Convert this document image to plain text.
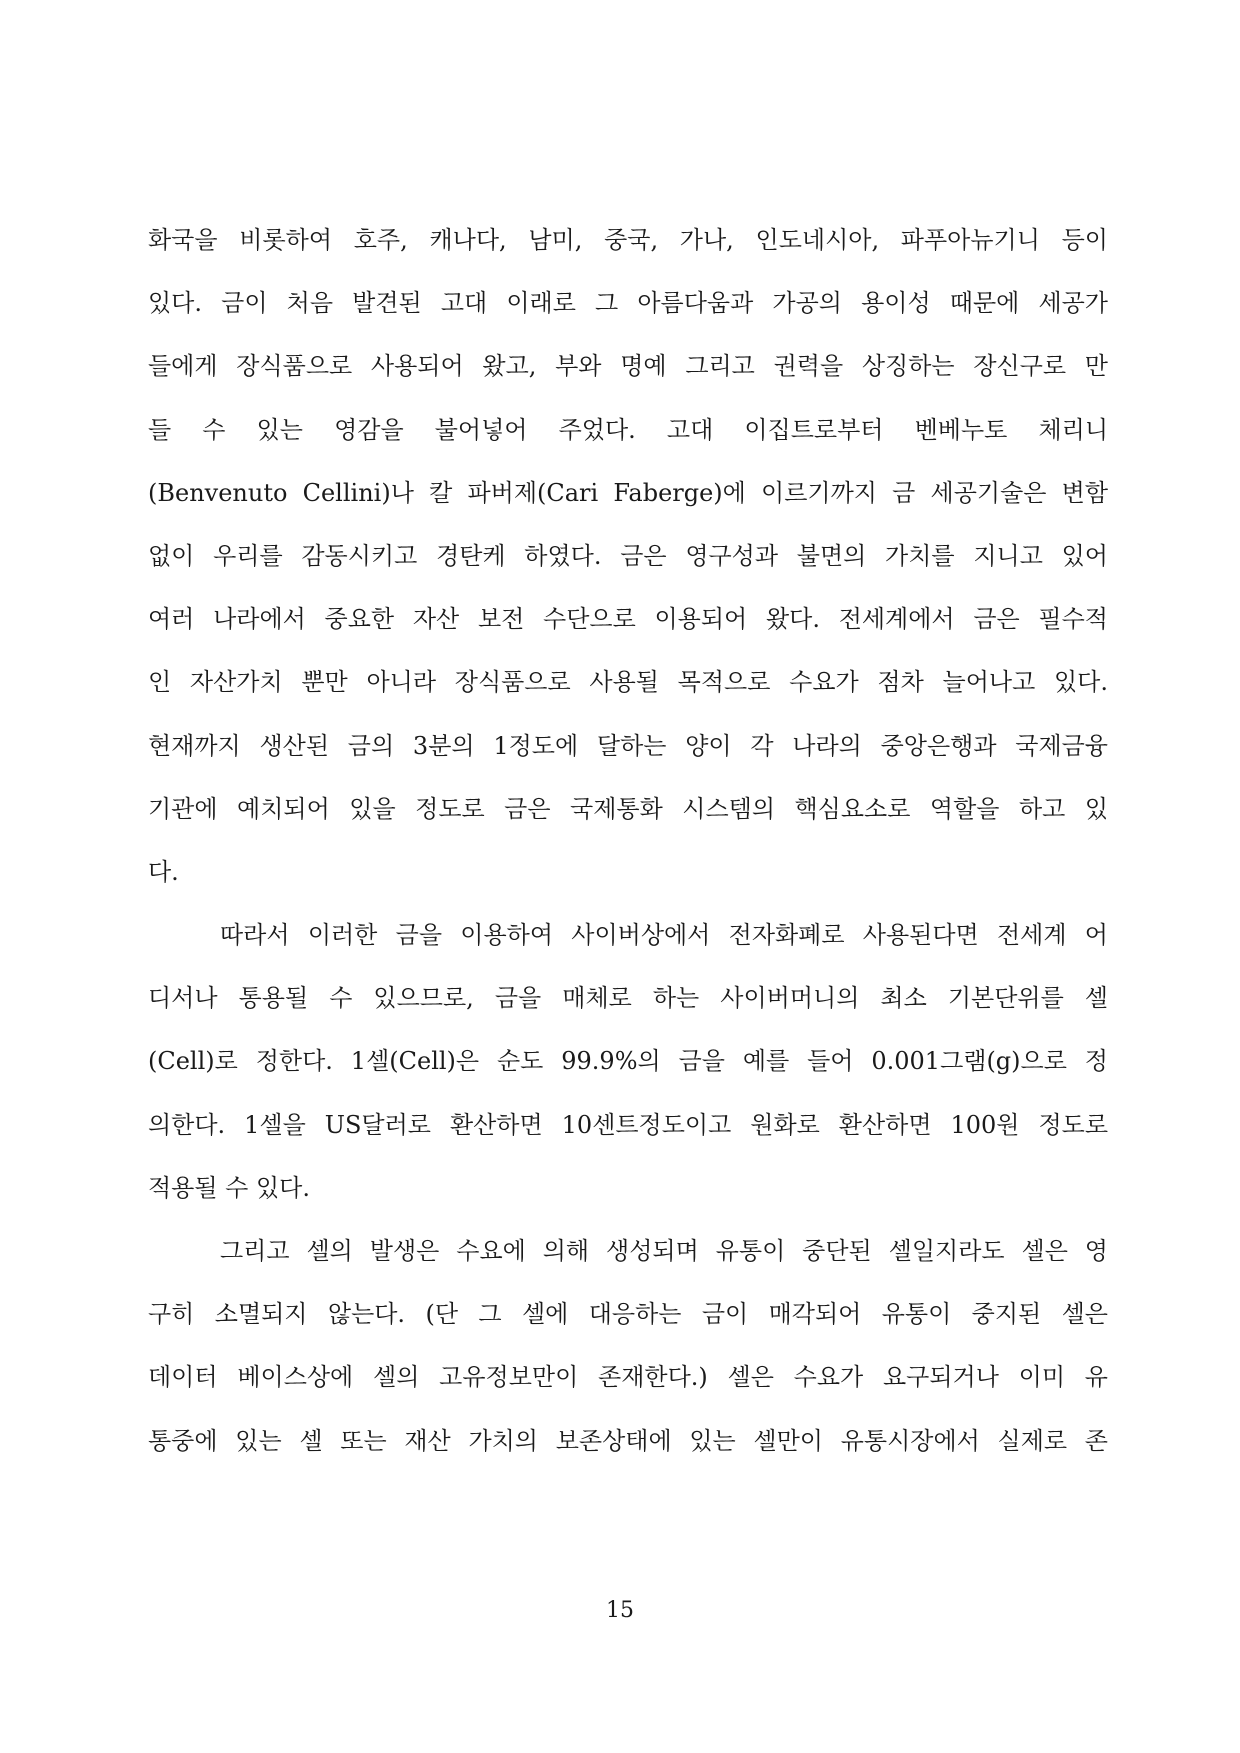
화국을 비롯하여 호주, 캐나다, 남미, 중국, 가나, 인도네시아, 파푸아뉴기니 등이
있다. 금이 처음 발견된 고대 이래로 그 아름다움과 가공의 용이성 때문에 세공가
들에게 장식품으로 사용되어 왔고, 부와 명예 그리고 권력을 상징하는 장신구로 만
들 수 있는 영감을 불어넣어 주었다. 고대 이집트로부터 벤베누토 체리니
(Benvenuto Cellini)나 칼 파버제(Cari Faberge)에 이르기까지 금 세공기술은 변함
없이 우리를 감동시키고 경탄케 하였다. 금은 영구성과 불면의 가치를 지니고 있어
여러 나라에서 중요한 자산 보전 수단으로 이용되어 왔다. 전세계에서 금은 필수적
인 자산가치 뿐만 아니라 장식품으로 사용될 목적으로 수요가 점차 늘어나고 있다.
현재까지 생산된 금의 3분의 1정도에 달하는 양이 각 나라의 중앙은행과 국제금융
기관에 예치되어 있을 정도로 금은 국제통화 시스템의 핵심요소로 역할을 하고 있
다.
따라서 이러한 금을 이용하여 사이버상에서 전자화폐로 사용된다면 전세계 어
디서나 통용될 수 있으므로, 금을 매체로 하는 사이버머니의 최소 기본단위를 셀
(Cell)로 정한다. 1셀(Cell)은 순도 99.9%의 금을 예를 들어 0.001그램(g)으로 정
의한다. 1셀을 US달러로 환산하면 10센트정도이고 원화로 환산하면 100원 정도로
적용될 수 있다.
그리고 셀의 발생은 수요에 의해 생성되며 유통이 중단된 셀일지라도 셀은 영
구히 소멸되지 않는다. (단 그 셀에 대응하는 금이 매각되어 유통이 중지된 셀은
데이터 베이스상에 셀의 고유정보만이 존재한다.) 셀은 수요가 요구되거나 이미 유
통중에 있는 셀 또는 재산 가치의 보존상태에 있는 셀만이 유통시장에서 실제로 존
15
